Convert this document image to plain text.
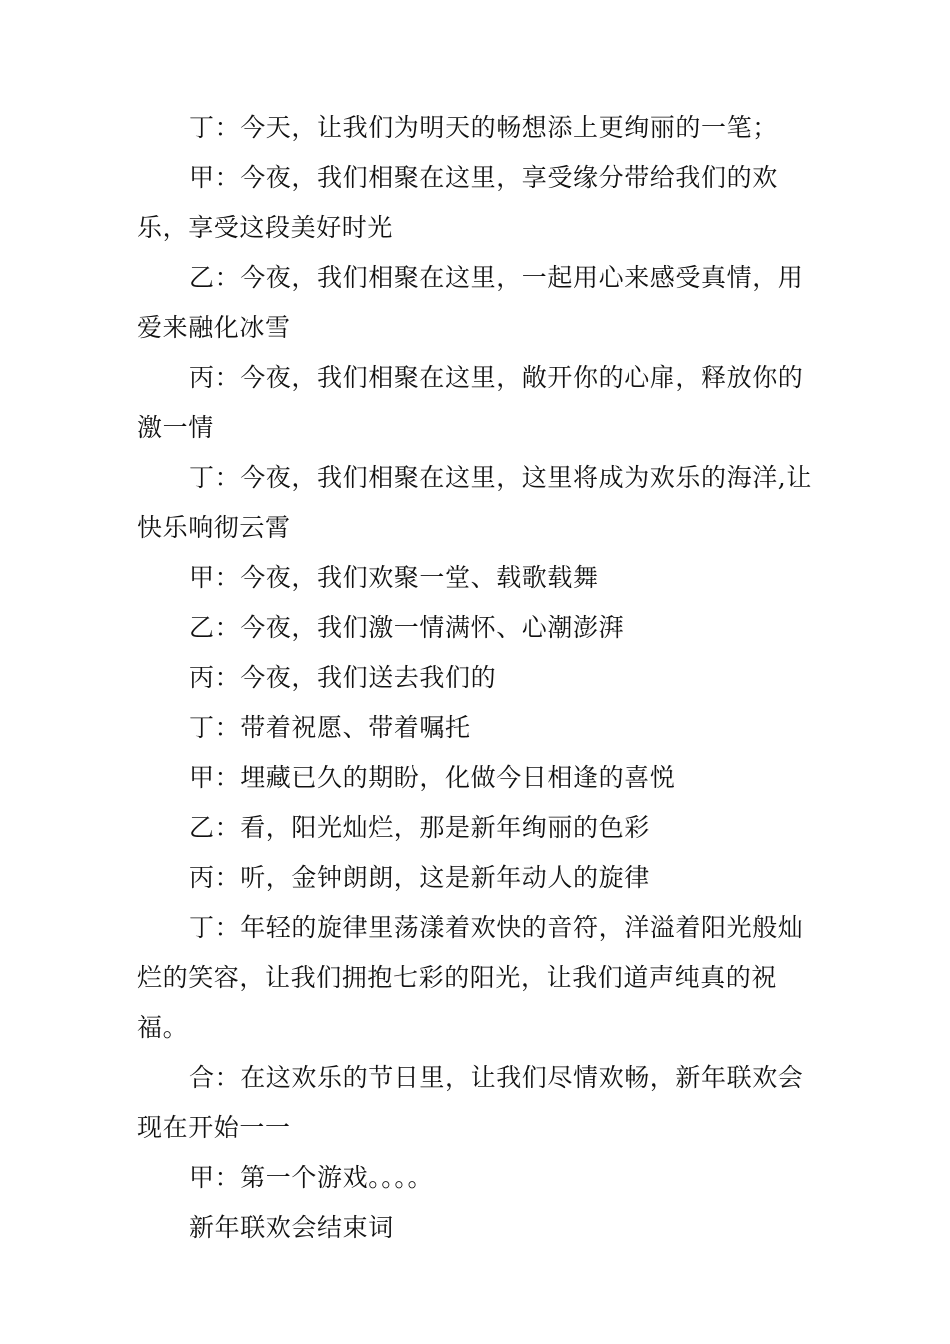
丁：今天，让我们为明天的畅想添上更绚丽的一笔；

甲：今夜，我们相聚在这里，享受缘分带给我们的欢乐，享受这段美好时光

乙：今夜，我们相聚在这里，一起用心来感受真情，用爱来融化冰雪

丙：今夜，我们相聚在这里，敞开你的心扉，释放你的激一情

丁：今夜，我们相聚在这里，这里将成为欢乐的海洋,让快乐响彻云霄

甲：今夜，我们欢聚一堂、载歌载舞

乙：今夜，我们激一情满怀、心潮澎湃

丙：今夜，我们送去我们的

丁：带着祝愿、带着嘱托

甲：埋藏已久的期盼，化做今日相逢的喜悦

乙：看，阳光灿烂，那是新年绚丽的色彩

丙：听，金钟朗朗，这是新年动人的旋律

丁：年轻的旋律里荡漾着欢快的音符，洋溢着阳光般灿烂的笑容，让我们拥抱七彩的阳光，让我们道声纯真的祝福。

合：在这欢乐的节日里，让我们尽情欢畅，新年联欢会现在开始一一

甲：第一个游戏。。。。

新年联欢会结束词
